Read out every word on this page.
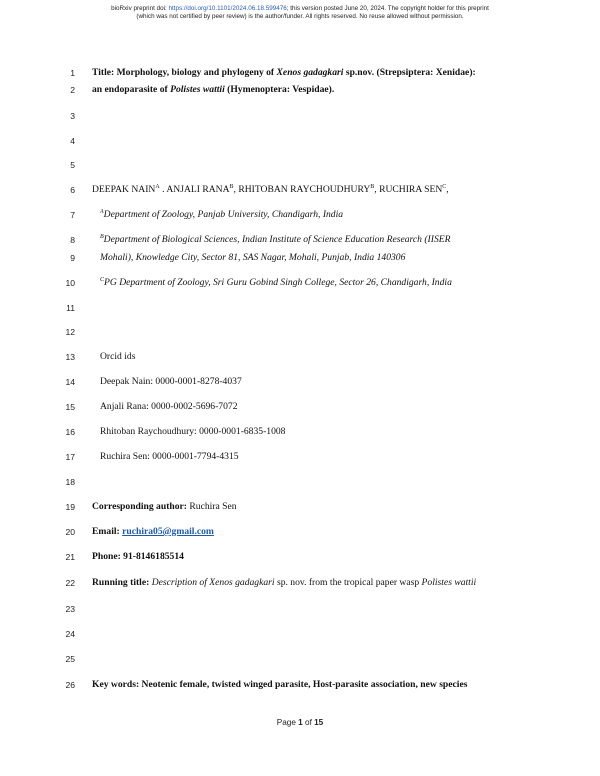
bioRxiv preprint doi: https://doi.org/10.1101/2024.06.18.599476; this version posted June 20, 2024. The copyright holder for this preprint
(which was not certified by peer review) is the author/funder. All rights reserved. No reuse allowed without permission.
1
2
3
4
5
6
7
8
9
10
11
12
13
14
15
16
17
18
19
20
21
22
23
24
25
26
Title: Morphology, biology and phylogeny of Xenos gadagkari sp.nov. (Strepsiptera: Xenidae):
an endoparasite of Polistes wattii (Hymenoptera: Vespidae).
DEEPAK $NAIN^A$ . ANJALI $RANA^B$, RHITOBAN $RAYCHOUDHURY^B$, RUCHIRA $SEN^C$,
$^A$Department of Zoology, Panjab University, Chandigarh, India
$^B$Department of Biological Sciences, Indian Institute of Science Education Research (IISER
Mohali), Knowledge City, Sector 81, SAS Nagar, Mohali, Punjab, India 140306
$^C$PG Department of Zoology, Sri Guru Gobind Singh College, Sector 26, Chandigarh, India
Orcid ids
Deepak Nain: 0000-0001-8278-4037
Anjali Rana: 0000-0002-5696-7072
Rhitoban Raychoudhury: 0000-0001-6835-1008
Ruchira Sen: 0000-0001-7794-4315
Corresponding author: Ruchira Sen
Email: ruchira05@gmail.com
Phone: 91-8146185514
Running title: Description of Xenos gadagkari sp. nov. from the tropical paper wasp Polistes wattii
Key words: Neotenic female, twisted winged parasite, Host-parasite association, new species
Page 1 of 15
